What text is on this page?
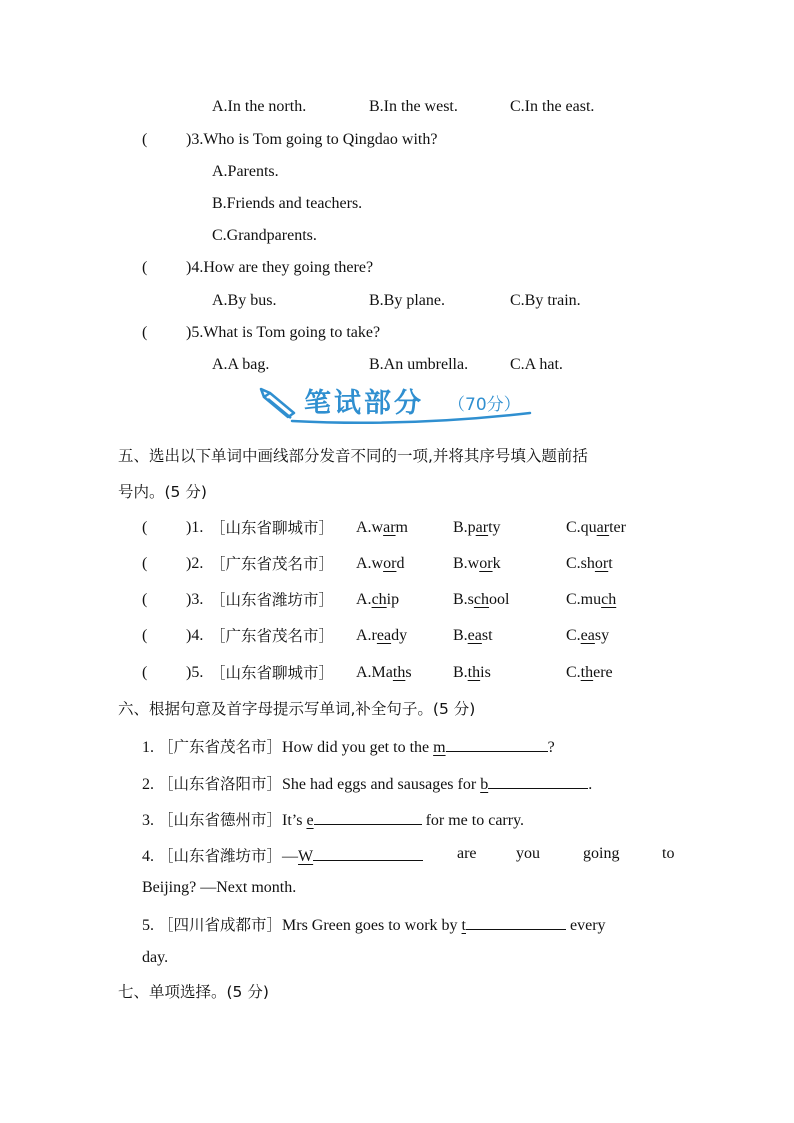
A.In the north.	B.In the west.	C.In the east.
( )3.Who is Tom going to Qingdao with?
A.Parents.
B.Friends and teachers.
C.Grandparents.
( )4.How are they going there?
A.By bus.	B.By plane.	C.By train.
( )5.What is Tom going to take?
A.A bag.	B.An umbrella.	C.A hat.
笔试部分 （70分）
五、选出以下单词中画线部分发音不同的一项,并将其序号填入题前括
号内。(5 分)
( )1. ［山东省聊城市］ A.warm	B.party	C.quarter
( )2. ［广东省茂名市］ A.word	B.work	C.short
( )3. ［山东省潍坊市］ A.chip	B.school	C.much
( )4. ［广东省茂名市］ A.ready	B.east	C.easy
( )5. ［山东省聊城市］ A.Maths	B.this	C.there
六、根据句意及首字母提示写单词,补全句子。(5 分)
1. ［广东省茂名市］How did you get to the m	?
2. ［山东省洛阳市］She had eggs and sausages for b	.
3. ［山东省德州市］It’s e	for me to carry.
4. ［山东省潍坊市］—W	are you	going	to
Beijing? —Next month.
5. ［四川省成都市］Mrs Green goes to work by t	every
day.
七、单项选择。(5 分)
